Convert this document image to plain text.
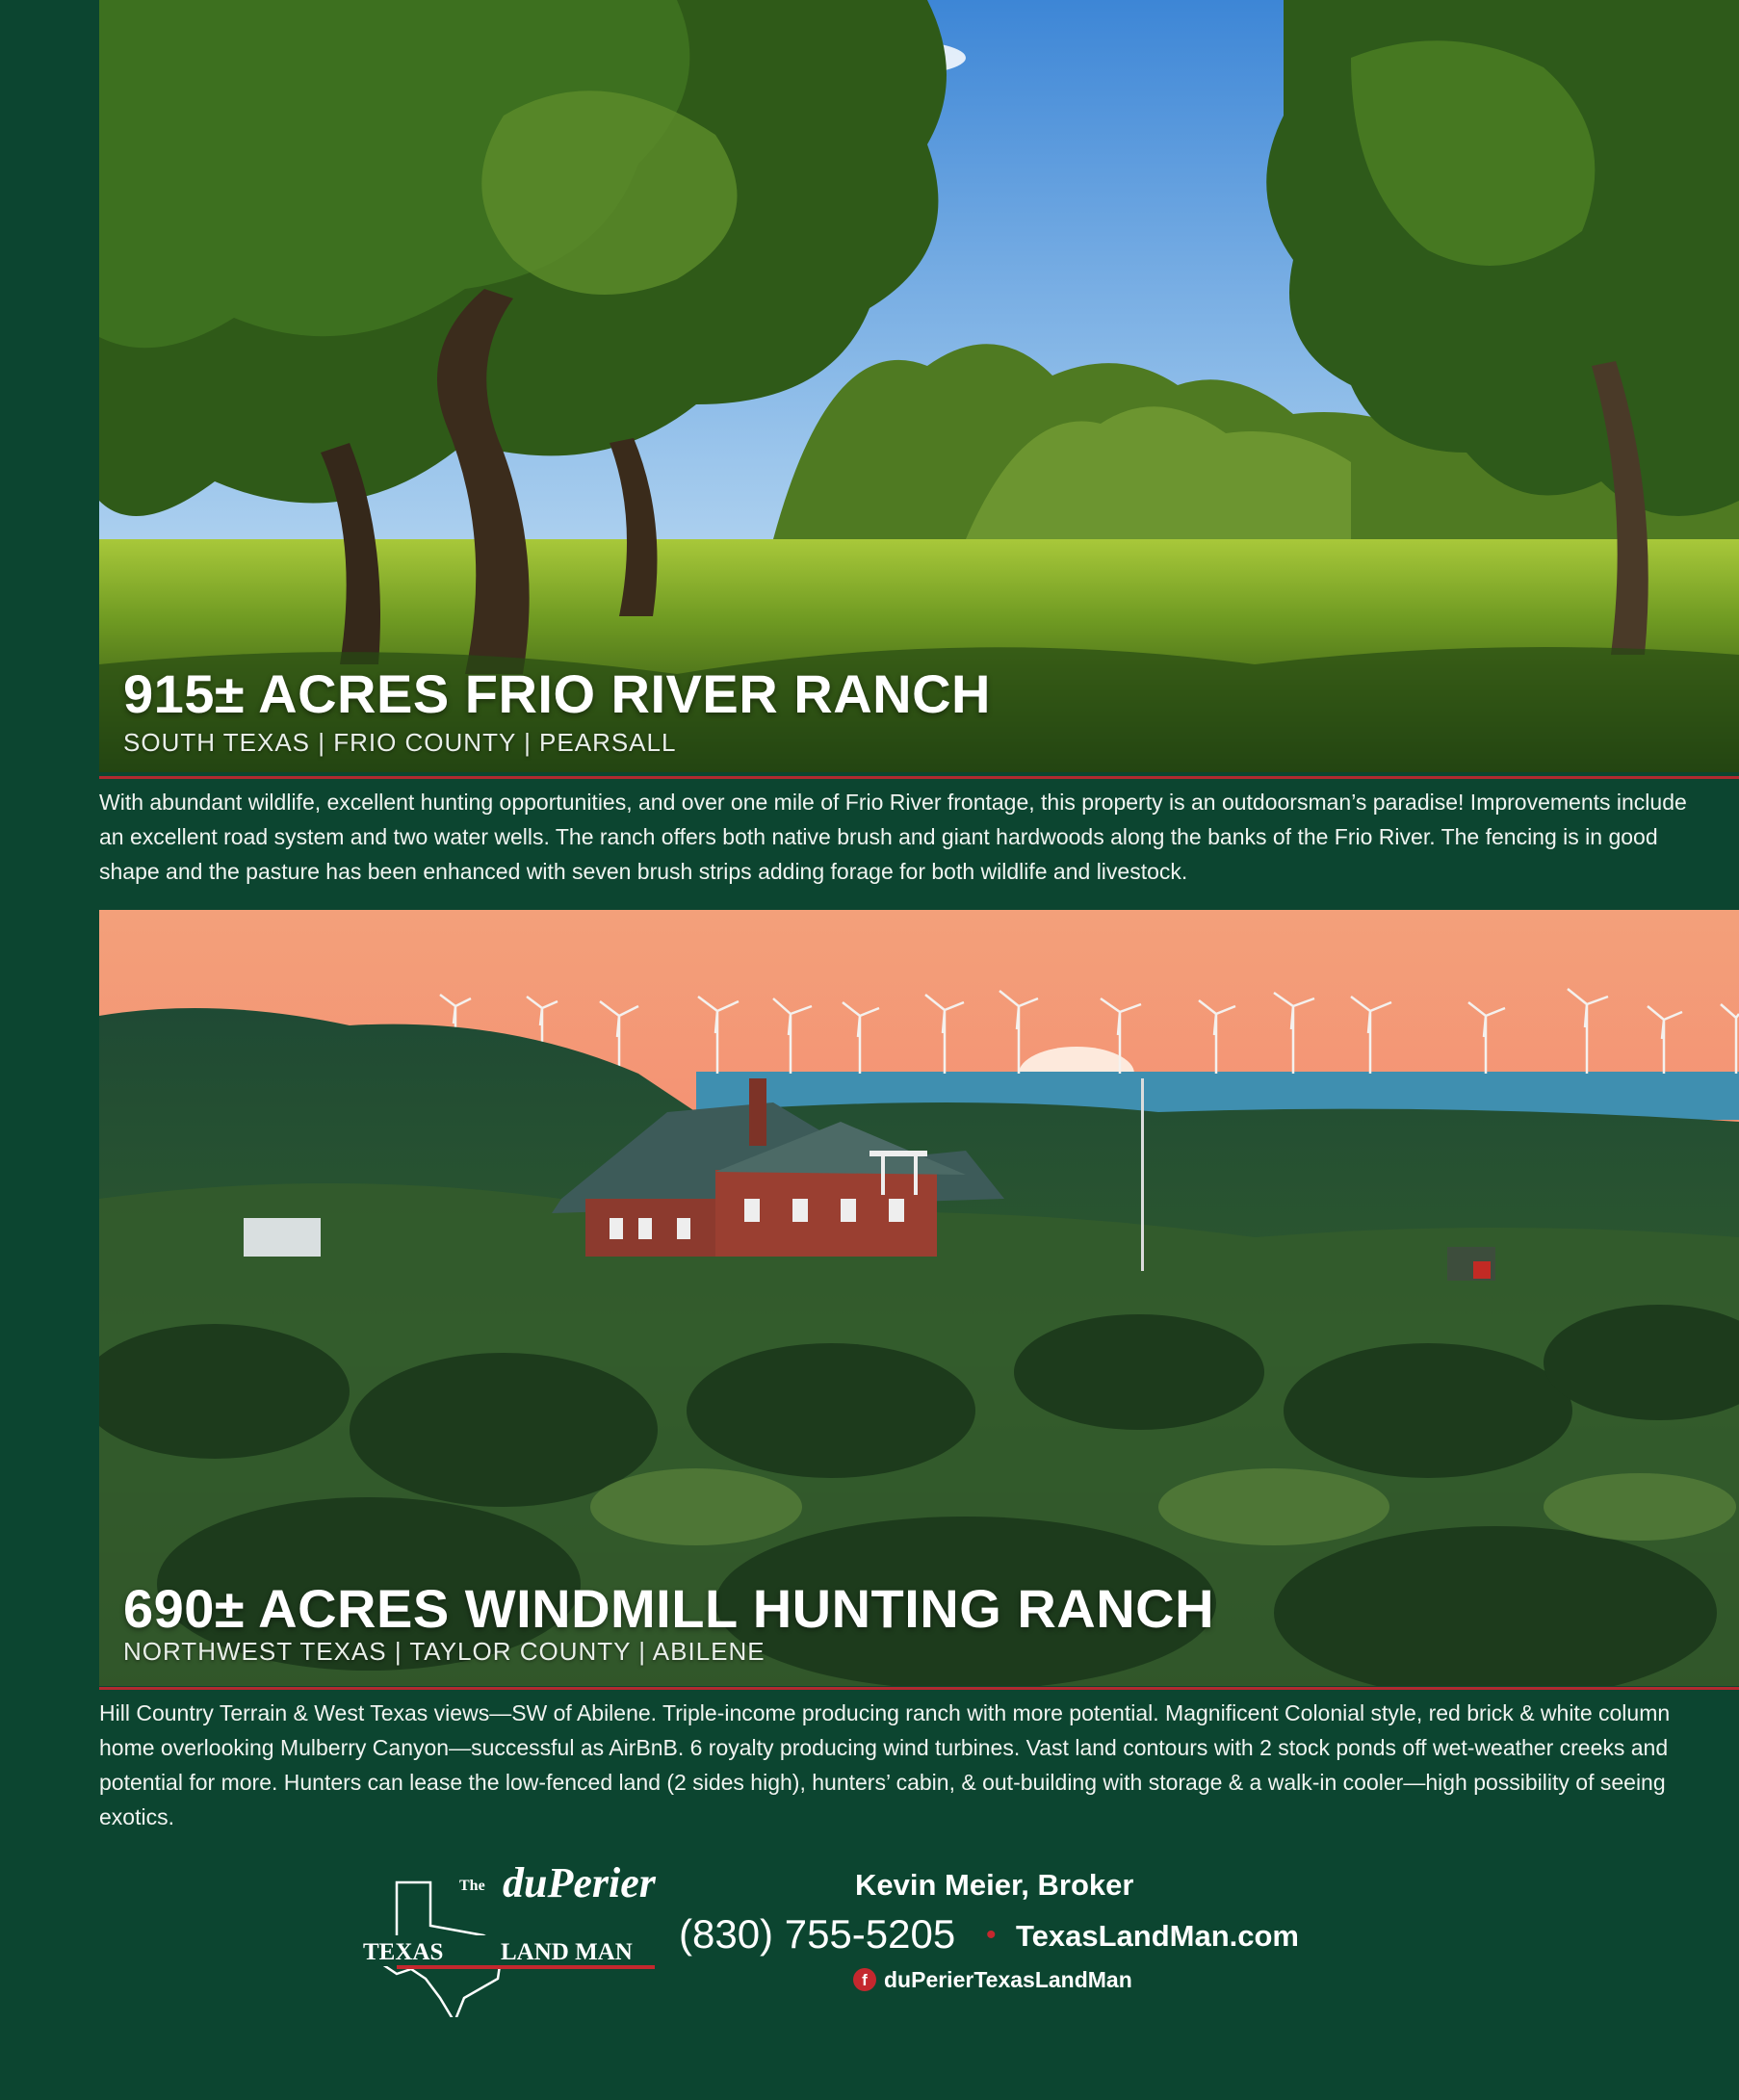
915± ACRES FRIO RIVER RANCH

SOUTH TEXAS | FRIO COUNTY | PEARSALL

With abundant wildlife, excellent hunting opportunities, and over one mile of Frio River frontage, this property is an outdoorsman’s paradise! Improvements include an excellent road system and two water wells. The ranch offers both native brush and giant hardwoods along the banks of the Frio River. The fencing is in good shape and the pasture has been enhanced with seven brush strips adding forage for both wildlife and livestock.

690± ACRES WINDMILL HUNTING RANCH

NORTHWEST TEXAS | TAYLOR COUNTY | ABILENE

Hill Country Terrain & West Texas views—SW of Abilene. Triple-income producing ranch with more potential. Magnificent Colonial style, red brick & white column home overlooking Mulberry Canyon—successful as AirBnB. 6 royalty producing wind turbines. Vast land contours with 2 stock ponds off wet-weather creeks and potential for more. Hunters can lease the low-fenced land (2 sides high), hunters’ cabin, & out-building with storage & a walk-in cooler—high possibility of seeing exotics.

The duPerier
TEXAS LAND MAN
Kevin Meier, Broker
(830) 755-5205 • TexasLandMan.com
f duPerierTexasLandMan
